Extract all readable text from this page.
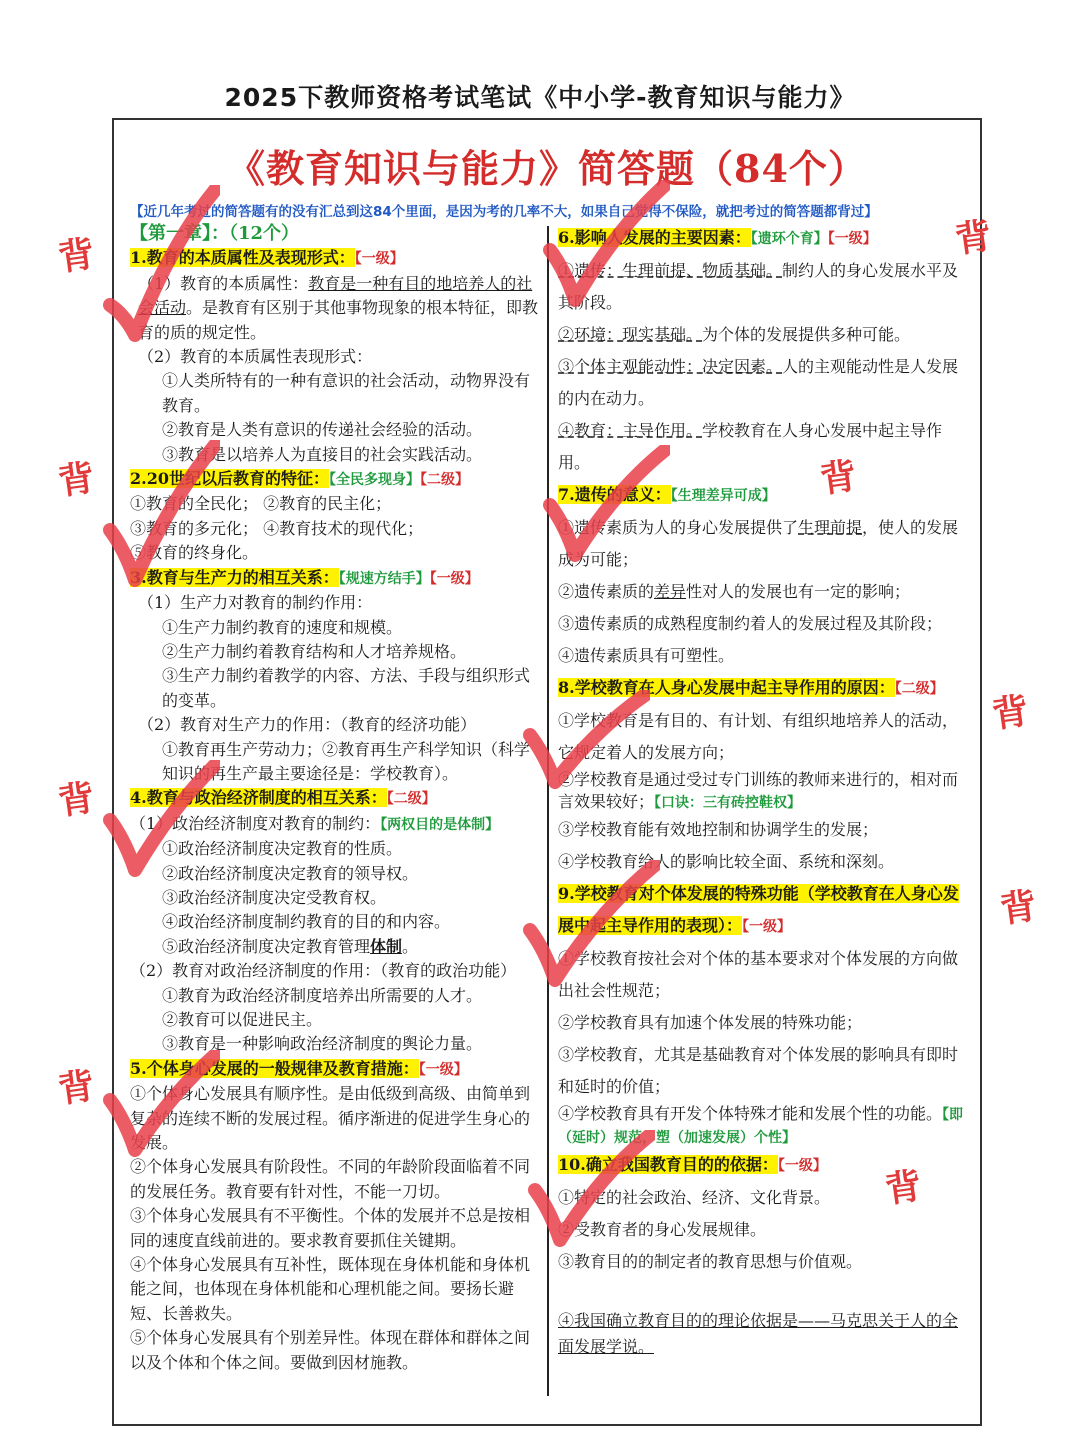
2025下教师资格考试笔试《中小学-教育知识与能力》
《教育知识与能力》简答题（84个）
【近几年考过的简答题有的没有汇总到这84个里面，是因为考的几率不大，如果自己觉得不保险，就把考过的简答题都背过】

【第一章】：（12个）

1.教育的本质属性及表现形式：【一级】

（1）教育的本质属性：教育是一种有目的地培养人的社会活动。是教育有区别于其他事物现象的根本特征，即教育的质的规定性。

（2）教育的本质属性表现形式：

①人类所特有的一种有意识的社会活动，动物界没有教育。

②教育是人类有意识的传递社会经验的活动。

③教育是以培养人为直接目的社会实践活动。

2.20世纪以后教育的特征：【全民多现身】【二级】

①教育的全民化； ②教育的民主化；

③教育的多元化； ④教育技术的现代化；

⑤教育的终身化。

3.教育与生产力的相互关系：【规速方结手】【一级】

（1）生产力对教育的制约作用：

①生产力制约教育的速度和规模。

②生产力制约着教育结构和人才培养规格。

③生产力制约着教学的内容、方法、手段与组织形式的变革。

（2）教育对生产力的作用：（教育的经济功能）

①教育再生产劳动力；②教育再生产科学知识（科学知识的再生产最主要途径是：学校教育）。

4.教育与政治经济制度的相互关系：【二级】

（1）政治经济制度对教育的制约：【两权目的是体制】

①政治经济制度决定教育的性质。

②政治经济制度决定教育的领导权。

③政治经济制度决定受教育权。

④政治经济制度制约教育的目的和内容。

⑤政治经济制度决定教育管理体制。

（2）教育对政治经济制度的作用：（教育的政治功能）

①教育为政治经济制度培养出所需要的人才。

②教育可以促进民主。

③教育是一种影响政治经济制度的舆论力量。

5.个体身心发展的一般规律及教育措施：【一级】

①个体身心发展具有顺序性。是由低级到高级、由简单到复杂的连续不断的发展过程。循序渐进的促进学生身心的发展。

②个体身心发展具有阶段性。不同的年龄阶段面临着不同的发展任务。教育要有针对性，不能一刀切。

③个体身心发展具有不平衡性。个体的发展并不总是按相同的速度直线前进的。要求教育要抓住关键期。

④个体身心发展具有互补性，既体现在身体机能和身体机能之间，也体现在身体机能和心理机能之间。要扬长避短、长善救失。

⑤个体身心发展具有个别差异性。体现在群体和群体之间以及个体和个体之间。要做到因材施教。

6.影响人发展的主要因素：【遗环个育】【一级】

①遗传：生理前提、物质基础。制约人的身心发展水平及其阶段。

②环境：现实基础。为个体的发展提供多种可能。

③个体主观能动性：决定因素。人的主观能动性是人发展的内在动力。

④教育：主导作用。学校教育在人身心发展中起主导作用。

7.遗传的意义：【生理差异可成】

①遗传素质为人的身心发展提供了生理前提，使人的发展成为可能；

②遗传素质的差异性对人的发展也有一定的影响；

③遗传素质的成熟程度制约着人的发展过程及其阶段；

④遗传素质具有可塑性。

8.学校教育在人身心发展中起主导作用的原因：【二级】

①学校教育是有目的、有计划、有组织地培养人的活动，它规定着人的发展方向；

②学校教育是通过受过专门训练的教师来进行的，相对而言效果较好；【口诀：三有砖控鞋权】

③学校教育能有效地控制和协调学生的发展；

④学校教育给人的影响比较全面、系统和深刻。

9.学校教育对个体发展的特殊功能（学校教育在人身心发展中起主导作用的表现）：【一级】

①学校教育按社会对个体的基本要求对个体发展的方向做出社会性规范；

②学校教育具有加速个体发展的特殊功能；

③学校教育，尤其是基础教育对个体发展的影响具有即时和延时的价值；

④学校教育具有开发个体特殊才能和发展个性的功能。【即（延时）规范，塑（加速发展）个性】

10.确立我国教育目的的依据：【一级】

①特定的社会政治、经济、文化背景。

②受教育者的身心发展规律。

③教育目的的制定者的教育思想与价值观。

④我国确立教育目的的理论依据是——马克思关于人的全面发展学说。

背
背
背
背
背
背
背
背
背
